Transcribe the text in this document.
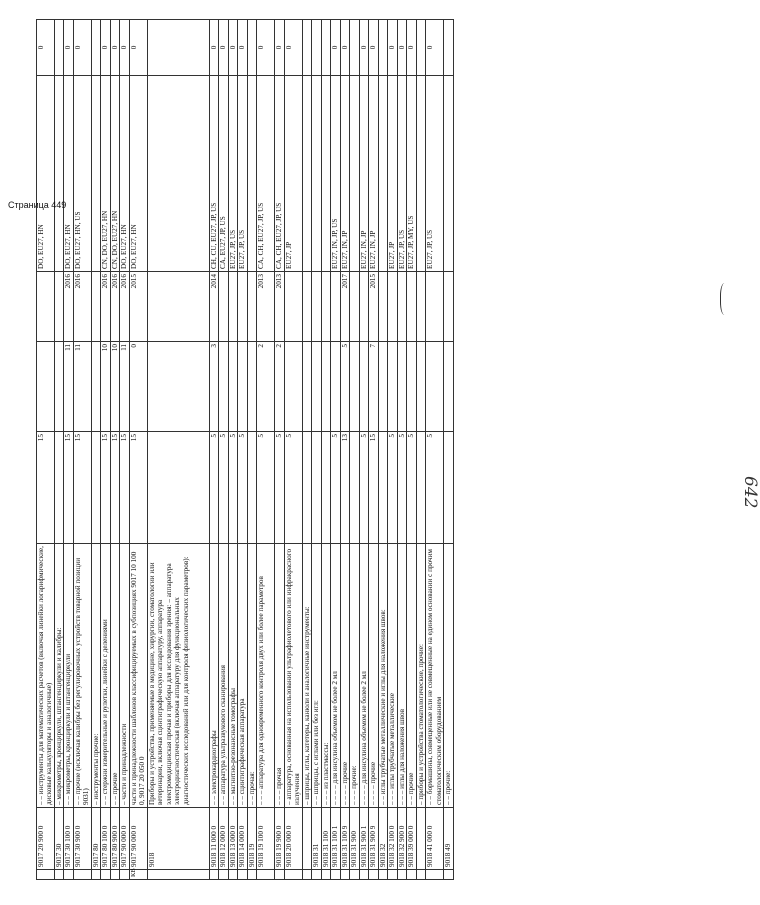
	9017 20 900 0	– – инструменты для математических расчетов (включая линейки логарифмические, дисковые калькуляторы и аналогичные)	15			DO, EU27, HN	0
	9017 30	– микрометры, кронциркули, штангенциркули и калибры:					
	9017 30 100 0	– – микрометры, кронциркули и штангенциркули	15	11	2016	DO, EU27, HN	0
	9017 30 900 0	– – прочие (исключая калибры без регулировочных устройств товарной позиции 9031)	15	11	2016	DO, EU27, HN, US	0
	9017 80	– инструменты прочие:					
	9017 80 100 0	– – стержни измерительные и рулетки, линейки с делениями	15	10	2016	CN, DO, EU27, HN	0
	9017 80 900 0	– – прочие	15	10	2016	CN, DO, EU27, HN	0
	9017 90 000 0	– части и принадлежности	15	11	2016	DO, EU27, HN	0
КВ	9017 90 000 0	части и принадлежности шаблонов классифицируемых в субпозициях 9017 10 100 0, 9017 20 050 0	15	0	2015	DO, EU27, HN	0
	9018	Приборы и устройства, применяемые в медицине, хирургии, стоматологии или ветеринарии, включая сцинтиграфическую аппаратуру, аппаратура электромедицинская прочая и приборы для исследования зрения: – аппаратура электродиагностическая (включая аппаратуру для функциональных диагностических исследований или для контроля физиологических параметров):					
	9018 11 000 0	– – электрокардиографы	5	3	2014	CH, CU, EU27, JP, US	0
	9018 12 000 0	– – аппаратура ультразвукового сканирования	5			CA, EU27, JP, US	0
	9018 13 000 0	– – магнитно-резонансные томографы	5			EU27, JP, US	0
	9018 14 000 0	– – сцинтиграфическая аппаратура	5			EU27, JP, US	0
	9018 19	– – прочая:					
	9018 19 100 0	– – – аппаратура для одновременного контроля двух или более параметров	5	2	2013	CA, CH, EU27, JP, US	0
	9018 19 900 0	– – – прочая	5	2	2013	CA, CH, EU27, JP, US	0
	9018 20 000 0	– аппаратура, основанная на использовании ультрафиолетового или инфракрасного излучения	5			EU27, JP	0
		– шприцы, иглы, катетеры, канюли и аналогичные инструменты:					
	9018 31	– – шприцы, с иглами или без игл:					
	9018 31 100	– – – из пластмассы:					
	9018 31 100 1	– – – – для инсулина объемом не более 2 мл	5			EU27, IN, JP, US	0
	9018 31 100 9	– – – – прочие	13	5	2017	EU27, IN, JP	0
	9018 31 900	– – – прочие:					
	9018 31 900 1	– – – – для инсулина объемом не более 2 мл	5			EU27, IN, JP	0
	9018 31 900 9	– – – – прочие	15	7	2015	EU27, IN, JP	0
	9018 32	– – иглы трубчатые металлические и иглы для наложения швов:					
	9018 32 100 0	– – – иглы трубчатые металлические	5			EU27, JP	0
	9018 32 900 0	– – – иглы для наложения швов	5			EU27, JP, US	0
	9018 39 000 0	– – прочие	5			EU27, JP, MY, US	0
		– приборы и устройства стоматологические, прочие:					
	9018 41 000 0	– – бормашины, совмещенные или не совмещенные на едином основании с прочим стоматологическим оборудованием	5			EU27, JP, US	0
	9018 49	– – прочие:					
Страница 449
642
